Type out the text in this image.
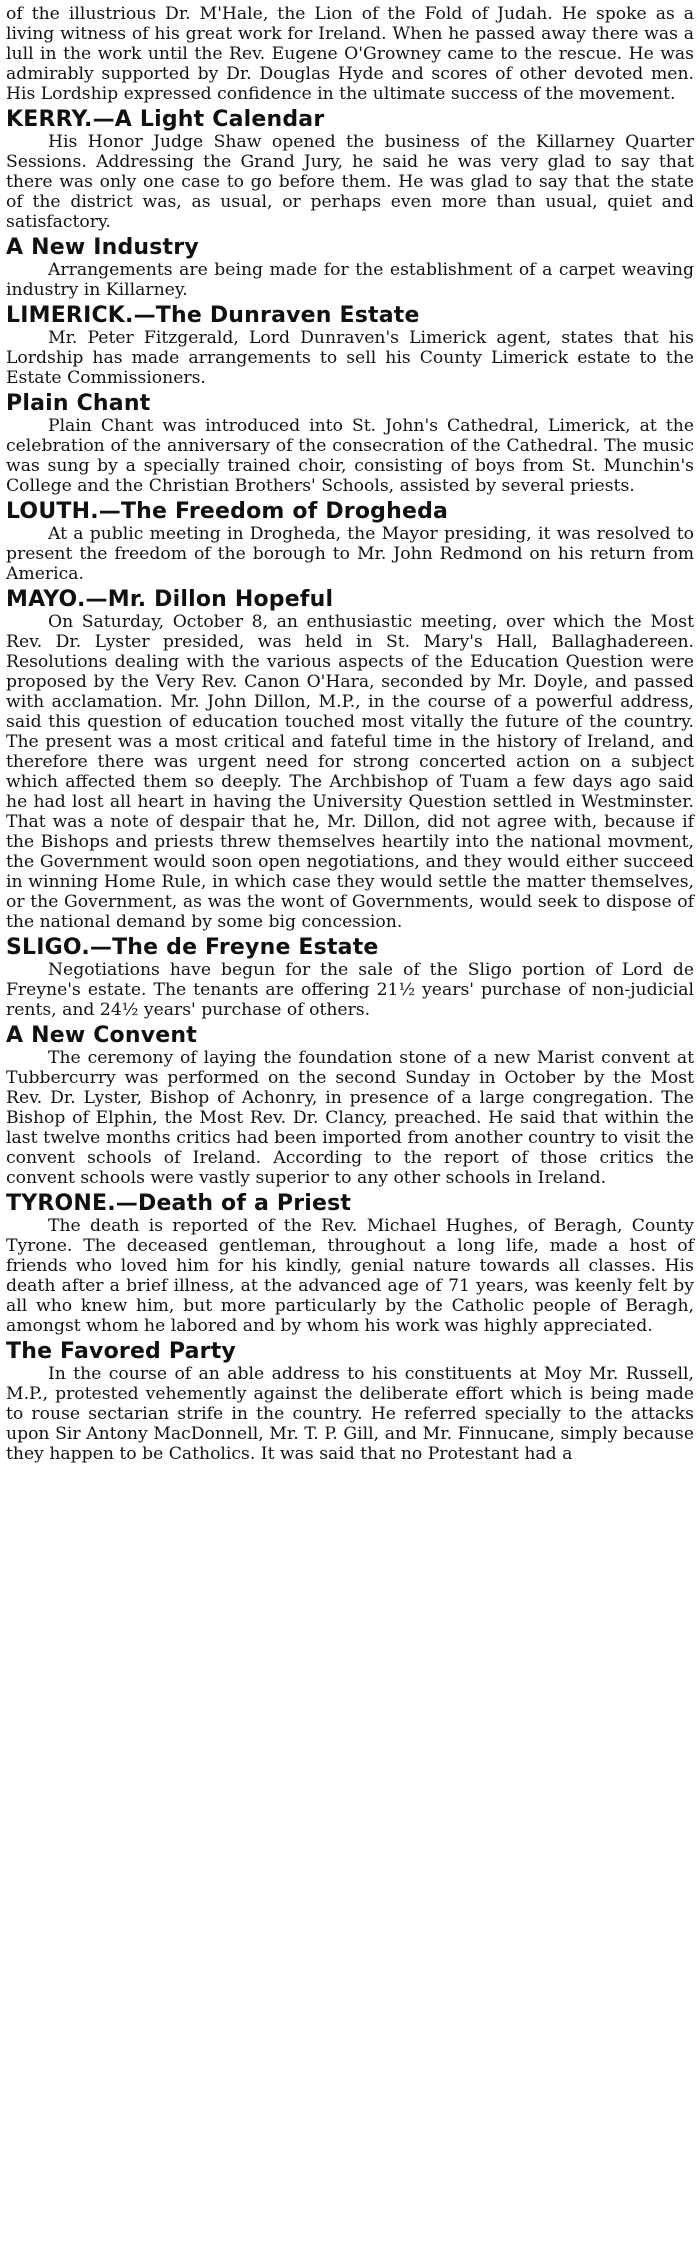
of the illustrious Dr. M'Hale, the Lion of the Fold of Judah. He spoke as a living witness of his great work for Ireland. When he passed away there was a lull in the work until the Rev. Eugene O'Growney came to the rescue. He was admirably supported by Dr. Douglas Hyde and scores of other devoted men. His Lordship expressed confidence in the ultimate success of the movement.

KERRY.—A Light Calendar

His Honor Judge Shaw opened the business of the Killarney Quarter Sessions. Addressing the Grand Jury, he said he was very glad to say that there was only one case to go before them. He was glad to say that the state of the district was, as usual, or perhaps even more than usual, quiet and satisfactory.

A New Industry

Arrangements are being made for the establishment of a carpet weaving industry in Killarney.

LIMERICK.—The Dunraven Estate

Mr. Peter Fitzgerald, Lord Dunraven's Limerick agent, states that his Lordship has made arrangements to sell his County Limerick estate to the Estate Commissioners.

Plain Chant

Plain Chant was introduced into St. John's Cathedral, Limerick, at the celebration of the anniversary of the consecration of the Cathedral. The music was sung by a specially trained choir, consisting of boys from St. Munchin's College and the Christian Brothers' Schools, assisted by several priests.

LOUTH.—The Freedom of Drogheda

At a public meeting in Drogheda, the Mayor presiding, it was resolved to present the freedom of the borough to Mr. John Redmond on his return from America.

MAYO.—Mr. Dillon Hopeful

On Saturday, October 8, an enthusiastic meeting, over which the Most Rev. Dr. Lyster presided, was held in St. Mary's Hall, Ballaghadereen. Resolutions dealing with the various aspects of the Education Question were proposed by the Very Rev. Canon O'Hara, seconded by Mr. Doyle, and passed with acclamation. Mr. John Dillon, M.P., in the course of a powerful address, said this question of education touched most vitally the future of the country. The present was a most critical and fateful time in the history of Ireland, and therefore there was urgent need for strong concerted action on a subject which affected them so deeply. The Archbishop of Tuam a few days ago said he had lost all heart in having the University Question settled in Westminster. That was a note of despair that he, Mr. Dillon, did not agree with, because if the Bishops and priests threw themselves heartily into the national movment, the Government would soon open negotiations, and they would either succeed in winning Home Rule, in which case they would settle the matter themselves, or the Government, as was the wont of Governments, would seek to dispose of the national demand by some big concession.

SLIGO.—The de Freyne Estate

Negotiations have begun for the sale of the Sligo portion of Lord de Freyne's estate. The tenants are offering 21½ years' purchase of non-judicial rents, and 24½ years' purchase of others.

A New Convent

The ceremony of laying the foundation stone of a new Marist convent at Tubbercurry was performed on the second Sunday in October by the Most Rev. Dr. Lyster, Bishop of Achonry, in presence of a large congregation. The Bishop of Elphin, the Most Rev. Dr. Clancy, preached. He said that within the last twelve months critics had been imported from another country to visit the convent schools of Ireland. According to the report of those critics the convent schools were vastly superior to any other schools in Ireland.

TYRONE.—Death of a Priest

The death is reported of the Rev. Michael Hughes, of Beragh, County Tyrone. The deceased gentleman, throughout a long life, made a host of friends who loved him for his kindly, genial nature towards all classes. His death after a brief illness, at the advanced age of 71 years, was keenly felt by all who knew him, but more particularly by the Catholic people of Beragh, amongst whom he labored and by whom his work was highly appreciated.

The Favored Party

In the course of an able address to his constituents at Moy Mr. Russell, M.P., protested vehemently against the deliberate effort which is being made to rouse sectarian strife in the country. He referred specially to the attacks upon Sir Antony MacDonnell, Mr. T. P. Gill, and Mr. Finnucane, simply because they happen to be Catholics. It was said that no Protestant had a
